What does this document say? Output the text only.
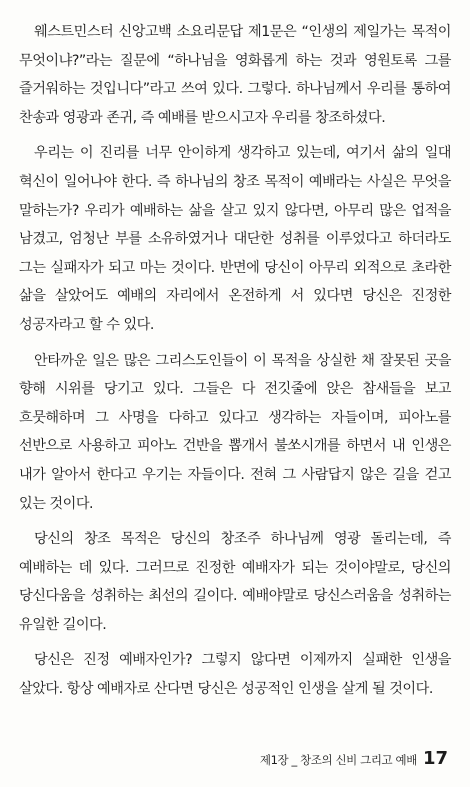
웨스트민스터 신앙고백 소요리문답 제1문은 “인생의 제일가는 목적이 무엇이냐?”라는 질문에 “하나님을 영화롭게 하는 것과 영원토록 그를 즐거워하는 것입니다”라고 쓰여 있다. 그렇다. 하나님께서 우리를 통하여 찬송과 영광과 존귀, 즉 예배를 받으시고자 우리를 창조하셨다.

우리는 이 진리를 너무 안이하게 생각하고 있는데, 여기서 삶의 일대 혁신이 일어나야 한다. 즉 하나님의 창조 목적이 예배라는 사실은 무엇을 말하는가? 우리가 예배하는 삶을 살고 있지 않다면, 아무리 많은 업적을 남겼고, 엄청난 부를 소유하였거나 대단한 성취를 이루었다고 하더라도 그는 실패자가 되고 마는 것이다. 반면에 당신이 아무리 외적으로 초라한 삶을 살았어도 예배의 자리에서 온전하게 서 있다면 당신은 진정한 성공자라고 할 수 있다.

안타까운 일은 많은 그리스도인들이 이 목적을 상실한 채 잘못된 곳을 향해 시위를 당기고 있다. 그들은 다 전깃줄에 앉은 참새들을 보고 흐뭇해하며 그 사명을 다하고 있다고 생각하는 자들이며, 피아노를 선반으로 사용하고 피아노 건반을 뽑개서 불쏘시개를 하면서 내 인생은 내가 알아서 한다고 우기는 자들이다. 전혀 그 사람답지 않은 길을 걷고 있는 것이다.

당신의 창조 목적은 당신의 창조주 하나님께 영광 돌리는데, 즉 예배하는 데 있다. 그러므로 진정한 예배자가 되는 것이야말로, 당신의 당신다움을 성취하는 최선의 길이다. 예배야말로 당신스러움을 성취하는 유일한 길이다.

당신은 진정 예배자인가? 그렇지 않다면 이제까지 실패한 인생을 살았다. 항상 예배자로 산다면 당신은 성공적인 인생을 살게 될 것이다.

제1장 _ 창조의 신비 그리고 예배 17
